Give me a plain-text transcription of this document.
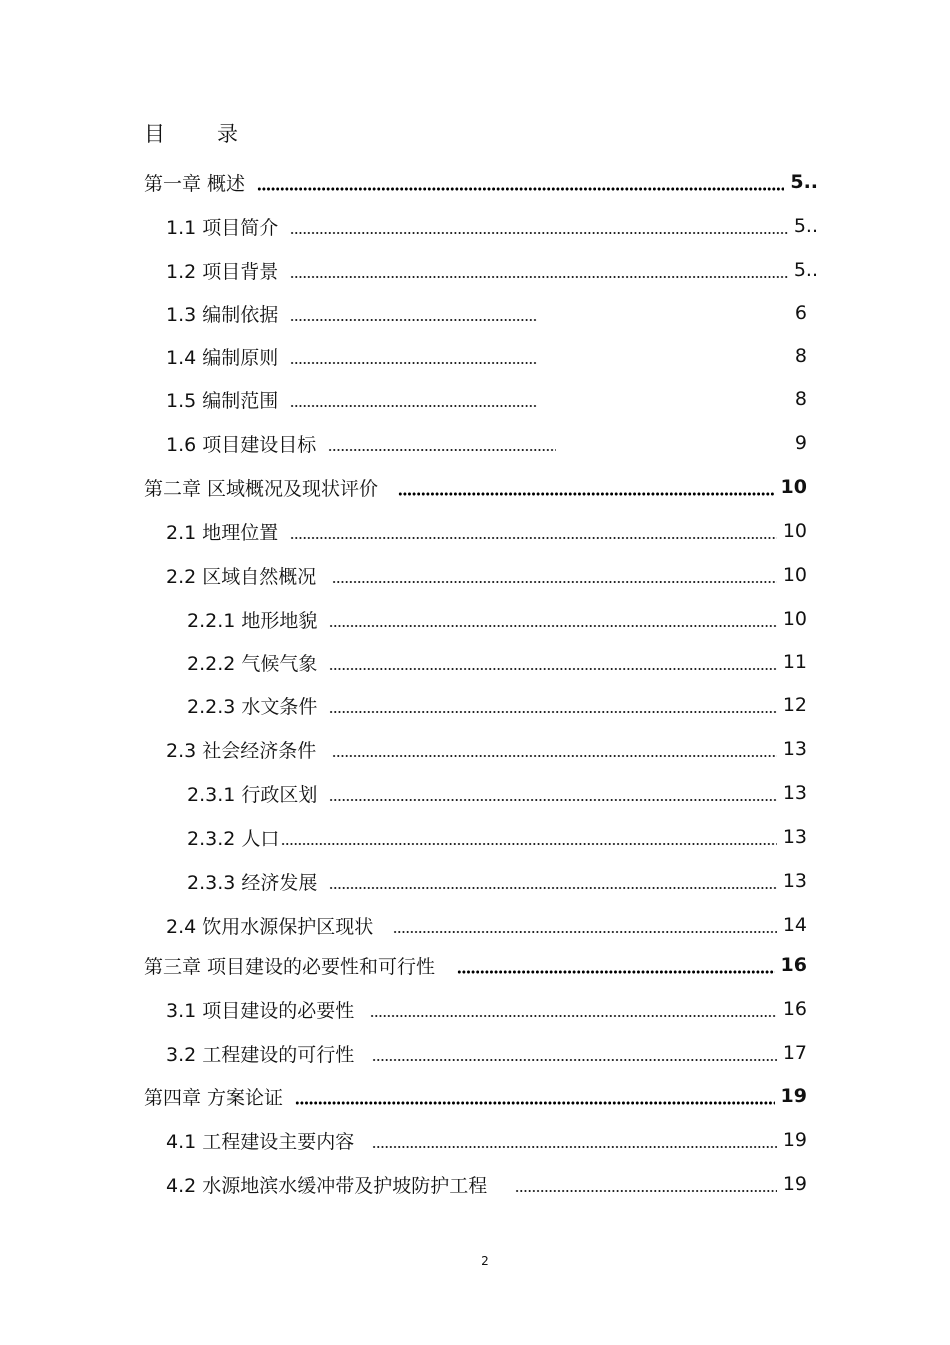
目录
第一章 概述	5..
1.1 项目简介	5..
1.2 项目背景	5..
1.3 编制依据	6
1.4 编制原则	8
1.5 编制范围	8
1.6 项目建设目标	9
第二章 区域概况及现状评价	10
2.1 地理位置	10
2.2 区域自然概况	10
2.2.1 地形地貌	10
2.2.2 气候气象	11
2.2.3 水文条件	12
2.3 社会经济条件	13
2.3.1 行政区划	13
2.3.2 人口	13
2.3.3 经济发展	13
2.4 饮用水源保护区现状	14
第三章 项目建设的必要性和可行性	16
3.1 项目建设的必要性	16
3.2 工程建设的可行性	17
第四章 方案论证	19
4.1 工程建设主要内容	19
4.2 水源地滨水缓冲带及护坡防护工程	19
2
